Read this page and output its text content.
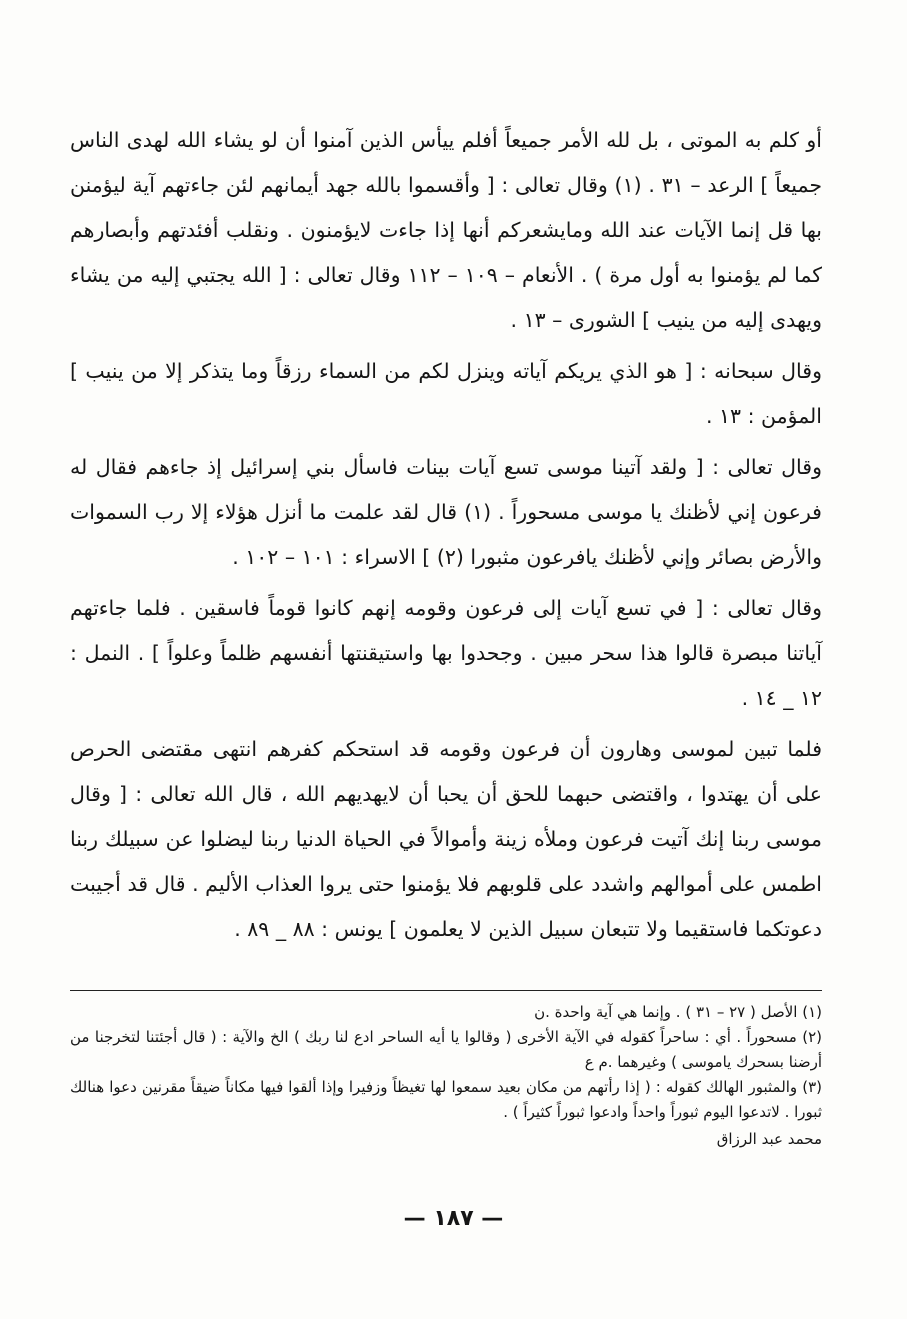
أو كلم به الموتى ، بل لله الأمر جميعاً أفلم ييأس الذين آمنوا أن لو يشاء الله لهدى الناس جميعاً ] الرعد – ٣١ . (١) وقال تعالى : [ وأقسموا بالله جهد أيمانهم لئن جاءتهم آية ليؤمنن بها قل إنما الآيات عند الله ومايشعركم أنها إذا جاءت لايؤمنون . ونقلب أفئدتهم وأبصارهم كما لم يؤمنوا به أول مرة ) . الأنعام – ١٠٩ – ١١٢ وقال تعالى : [ الله يجتبي إليه من يشاء ويهدى إليه من ينيب ] الشورى – ١٣ .

وقال سبحانه : [ هو الذي يريكم آياته وينزل لكم من السماء رزقاً وما يتذكر إلا من ينيب ] المؤمن : ١٣ .

وقال تعالى : [ ولقد آتينا موسى تسع آيات بينات فاسأل بني إسرائيل إذ جاءهم فقال له فرعون إني لأظنك يا موسى مسحوراً . (١) قال لقد علمت ما أنزل هؤلاء إلا رب السموات والأرض بصائر وإني لأظنك يافرعون مثبورا (٢) ] الاسراء : ١٠١ – ١٠٢ .

وقال تعالى : [ في تسع آيات إلى فرعون وقومه إنهم كانوا قوماً فاسقين . فلما جاءتهم آياتنا مبصرة قالوا هذا سحر مبين . وجحدوا بها واستيقنتها أنفسهم ظلماً وعلواً ] . النمل : ١٢ _ ١٤ .

فلما تبين لموسى وهارون أن فرعون وقومه قد استحكم كفرهم انتهى مقتضى الحرص على أن يهتدوا ، واقتضى حبهما للحق أن يحبا أن لايهديهم الله ، قال الله تعالى : [ وقال موسى ربنا إنك آتيت فرعون وملأه زينة وأموالاً في الحياة الدنيا ربنا ليضلوا عن سبيلك ربنا اطمس على أموالهم واشدد على قلوبهم فلا يؤمنوا حتى يروا العذاب الأليم . قال قد أجيبت دعوتكما فاستقيما ولا تتبعان سبيل الذين لا يعلمون ] يونس : ٨٨ _ ٨٩ .

(١) الأصل ( ٢٧ – ٣١ ) . وإنما هي آية واحدة .ن

(٢) مسحوراً . أي : ساحراً كقوله في الآية الأخرى ( وقالوا يا أيه الساحر ادع لنا ربك ) الخ والآية : ( قال أجئتنا لتخرجنا من أرضنا بسحرك ياموسى ) وغيرهما .م ع

(٣) والمثبور الهالك كقوله : ( إذا رأتهم من مكان بعيد سمعوا لها تغيظاً وزفيرا وإذا ألقوا فيها مكاناً ضيقاً مقرنين دعوا هنالك ثبورا . لاتدعوا اليوم ثبوراً واحداً وادعوا ثبوراً كثيراً ) .

محمد عبد الرزاق

— ١٨٧ —
